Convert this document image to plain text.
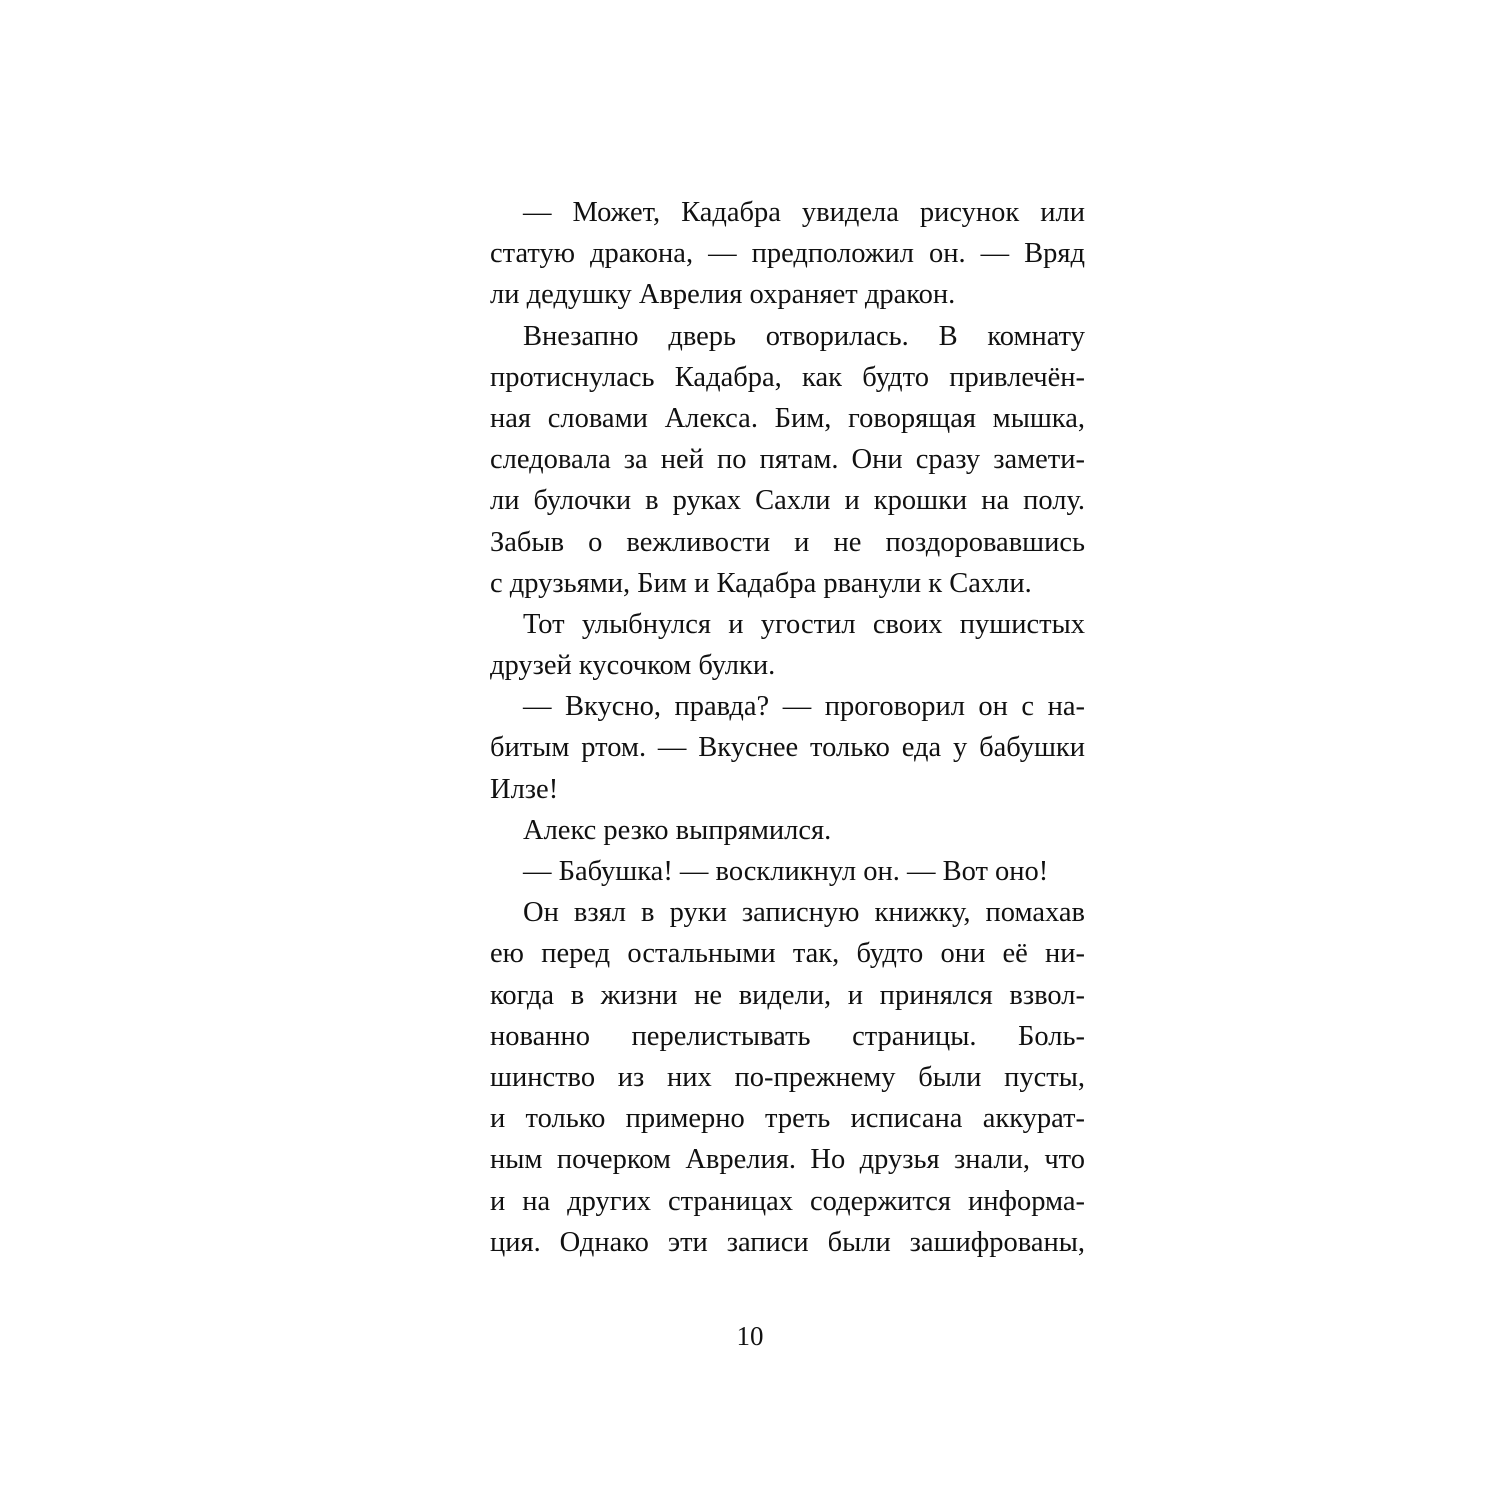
— Может, Кадабра увидела рисунок или
статую дракона, — предположил он. — Вряд
ли дедушку Аврелия охраняет дракон.
Внезапно дверь отворилась. В комнату
протиснулась Кадабра, как будто привлечён-
ная словами Алекса. Бим, говорящая мышка,
следовала за ней по пятам. Они сразу замети-
ли булочки в руках Сахли и крошки на полу.
Забыв о вежливости и не поздоровавшись
с друзьями, Бим и Кадабра рванули к Сахли.
Тот улыбнулся и угостил своих пушистых
друзей кусочком булки.
— Вкусно, правда? — проговорил он с на-
битым ртом. — Вкуснее только еда у бабушки
Илзе!
Алекс резко выпрямился.
— Бабушка! — воскликнул он. — Вот оно!
Он взял в руки записную книжку, помахав
ею перед остальными так, будто они её ни-
когда в жизни не видели, и принялся взвол-
нованно перелистывать страницы. Боль-
шинство из них по-прежнему были пусты,
и только примерно треть исписана аккурат-
ным почерком Аврелия. Но друзья знали, что
и на других страницах содержится информа-
ция. Однако эти записи были зашифрованы,
10
